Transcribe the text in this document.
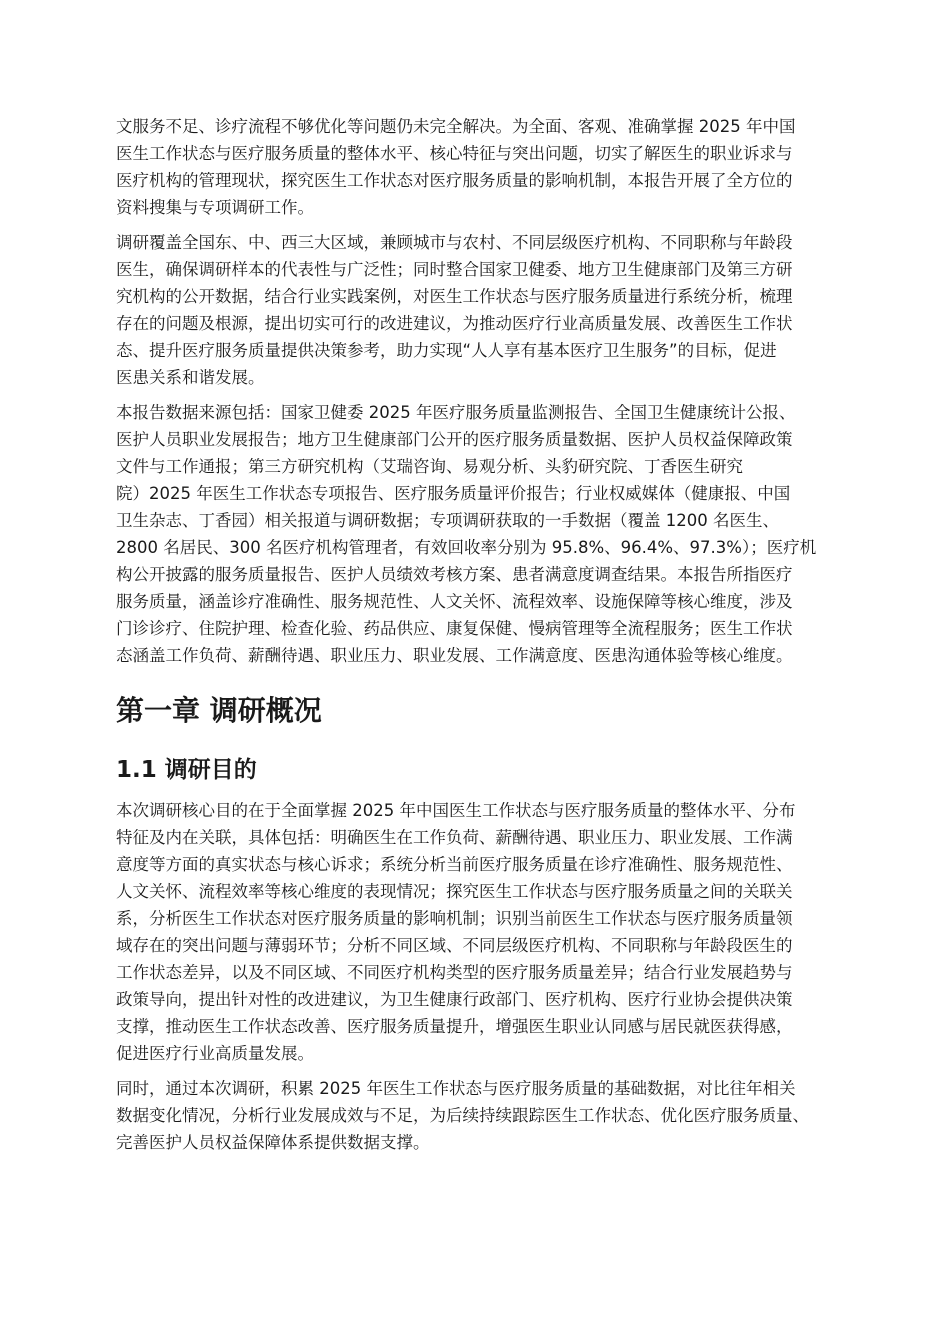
文服务不足、诊疗流程不够优化等问题仍未完全解决。为全面、客观、准确掌握 2025 年中国
医生工作状态与医疗服务质量的整体水平、核心特征与突出问题，切实了解医生的职业诉求与
医疗机构的管理现状，探究医生工作状态对医疗服务质量的影响机制，本报告开展了全方位的
资料搜集与专项调研工作。

调研覆盖全国东、中、西三大区域，兼顾城市与农村、不同层级医疗机构、不同职称与年龄段
医生，确保调研样本的代表性与广泛性；同时整合国家卫健委、地方卫生健康部门及第三方研
究机构的公开数据，结合行业实践案例，对医生工作状态与医疗服务质量进行系统分析，梳理
存在的问题及根源，提出切实可行的改进建议，为推动医疗行业高质量发展、改善医生工作状
态、提升医疗服务质量提供决策参考，助力实现“人人享有基本医疗卫生服务”的目标，促进
医患关系和谐发展。

本报告数据来源包括：国家卫健委 2025 年医疗服务质量监测报告、全国卫生健康统计公报、
医护人员职业发展报告；地方卫生健康部门公开的医疗服务质量数据、医护人员权益保障政策
文件与工作通报；第三方研究机构（艾瑞咨询、易观分析、头豹研究院、丁香医生研究
院）2025 年医生工作状态专项报告、医疗服务质量评价报告；行业权威媒体（健康报、中国
卫生杂志、丁香园）相关报道与调研数据；专项调研获取的一手数据（覆盖 1200 名医生、
2800 名居民、300 名医疗机构管理者，有效回收率分别为 95.8%、96.4%、97.3%）；医疗机
构公开披露的服务质量报告、医护人员绩效考核方案、患者满意度调查结果。本报告所指医疗
服务质量，涵盖诊疗准确性、服务规范性、人文关怀、流程效率、设施保障等核心维度，涉及
门诊诊疗、住院护理、检查化验、药品供应、康复保健、慢病管理等全流程服务；医生工作状
态涵盖工作负荷、薪酬待遇、职业压力、职业发展、工作满意度、医患沟通体验等核心维度。

第一章 调研概况
1.1 调研目的

本次调研核心目的在于全面掌握 2025 年中国医生工作状态与医疗服务质量的整体水平、分布
特征及内在关联，具体包括：明确医生在工作负荷、薪酬待遇、职业压力、职业发展、工作满
意度等方面的真实状态与核心诉求；系统分析当前医疗服务质量在诊疗准确性、服务规范性、
人文关怀、流程效率等核心维度的表现情况；探究医生工作状态与医疗服务质量之间的关联关
系，分析医生工作状态对医疗服务质量的影响机制；识别当前医生工作状态与医疗服务质量领
域存在的突出问题与薄弱环节；分析不同区域、不同层级医疗机构、不同职称与年龄段医生的
工作状态差异，以及不同区域、不同医疗机构类型的医疗服务质量差异；结合行业发展趋势与
政策导向，提出针对性的改进建议，为卫生健康行政部门、医疗机构、医疗行业协会提供决策
支撑，推动医生工作状态改善、医疗服务质量提升，增强医生职业认同感与居民就医获得感，
促进医疗行业高质量发展。

同时，通过本次调研，积累 2025 年医生工作状态与医疗服务质量的基础数据，对比往年相关
数据变化情况，分析行业发展成效与不足，为后续持续跟踪医生工作状态、优化医疗服务质量、
完善医护人员权益保障体系提供数据支撑。
